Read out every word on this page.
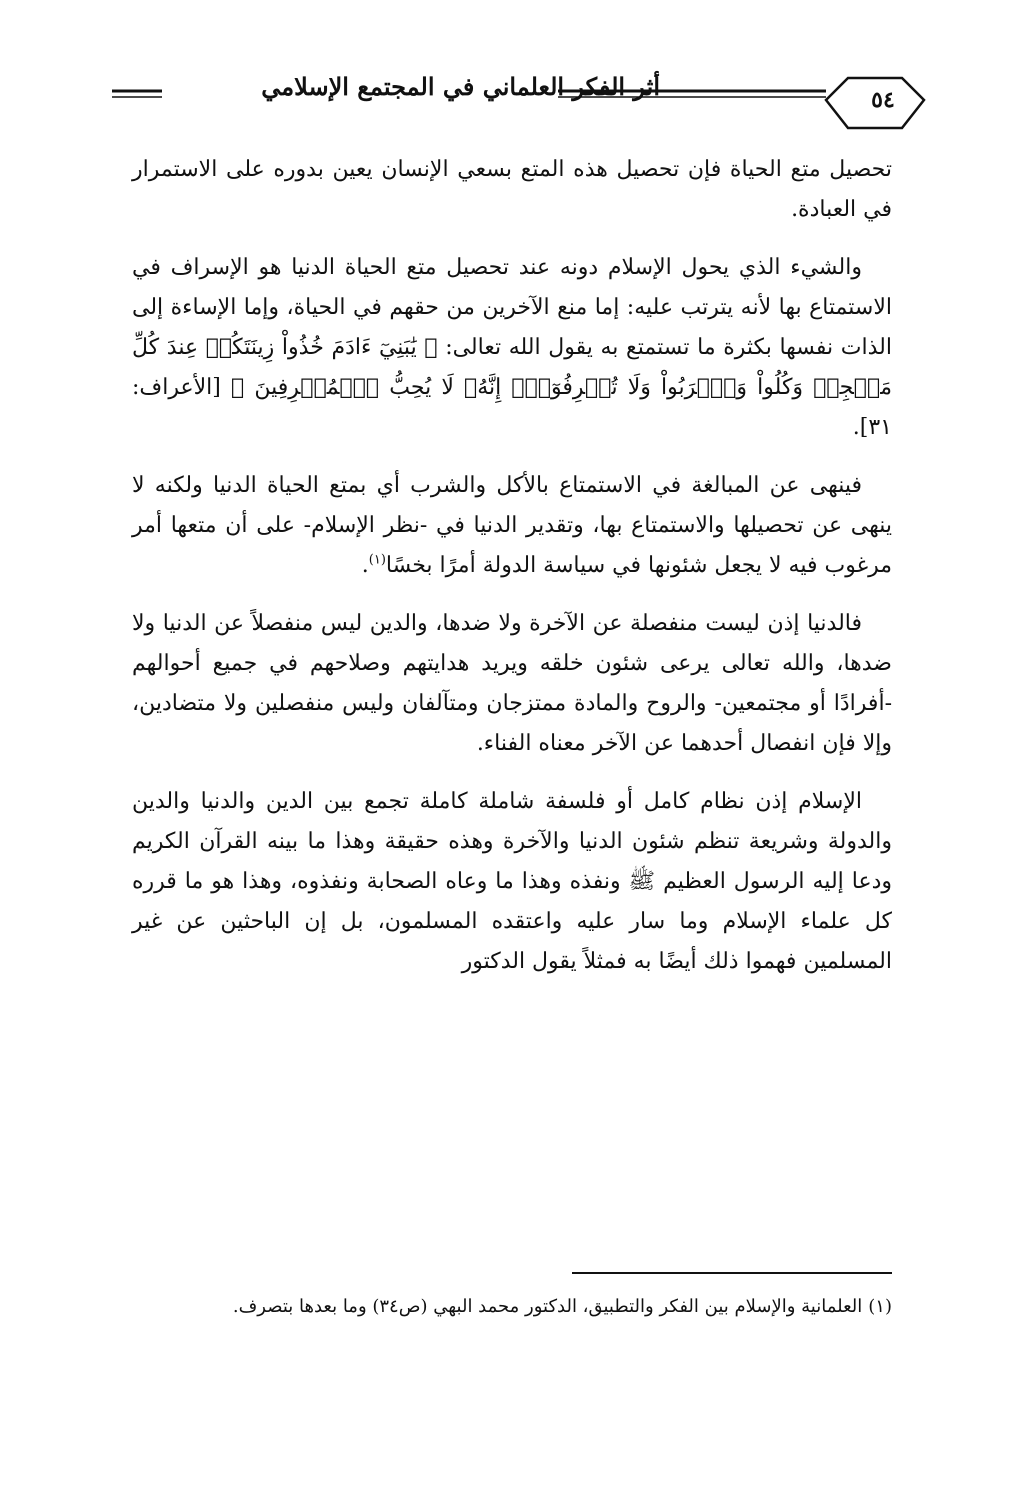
أثر الفكر العلماني في المجتمع الإسلامي	٥٤

تحصيل متع الحياة فإن تحصيل هذه المتع بسعي الإنسان يعين بدوره على الاستمرار في العبادة.

والشيء الذي يحول الإسلام دونه عند تحصيل متع الحياة الدنيا هو الإسراف في الاستمتاع بها لأنه يترتب عليه: إما منع الآخرين من حقهم في الحياة، وإما الإساءة إلى الذات نفسها بكثرة ما تستمتع به يقول الله تعالى: ﴿ يَٰبَنِيٓ ءَادَمَ خُذُواْ زِينَتَكُمۡ عِندَ كُلِّ مَسۡجِدٖ وَكُلُواْ وَٱشۡرَبُواْ وَلَا تُسۡرِفُوٓاْۚ إِنَّهُۥ لَا يُحِبُّ ٱلۡمُسۡرِفِينَ ﴾ [الأعراف: ٣١].

فينهى عن المبالغة في الاستمتاع بالأكل والشرب أي بمتع الحياة الدنيا ولكنه لا ينهى عن تحصيلها والاستمتاع بها، وتقدير الدنيا في -نظر الإسلام- على أن متعها أمر مرغوب فيه لا يجعل شئونها في سياسة الدولة أمرًا بخسًا$^{(١)}$.

فالدنيا إذن ليست منفصلة عن الآخرة ولا ضدها، والدين ليس منفصلاً عن الدنيا ولا ضدها، والله تعالى يرعى شئون خلقه ويريد هدايتهم وصلاحهم في جميع أحوالهم -أفرادًا أو مجتمعين- والروح والمادة ممتزجان ومتآلفان وليس منفصلين ولا متضادين، وإلا فإن انفصال أحدهما عن الآخر معناه الفناء.

الإسلام إذن نظام كامل أو فلسفة شاملة كاملة تجمع بين الدين والدنيا والدين والدولة وشريعة تنظم شئون الدنيا والآخرة وهذه حقيقة وهذا ما بينه القرآن الكريم ودعا إليه الرسول العظيم ﷺ ونفذه وهذا ما وعاه الصحابة ونفذوه، وهذا هو ما قرره كل علماء الإسلام وما سار عليه واعتقده المسلمون، بل إن الباحثين عن غير المسلمين فهموا ذلك أيضًا به فمثلاً يقول الدكتور

(١)العلمانية والإسلام بين الفكر والتطبيق، الدكتور محمد البهي (ص٣٤) وما بعدها بتصرف.
